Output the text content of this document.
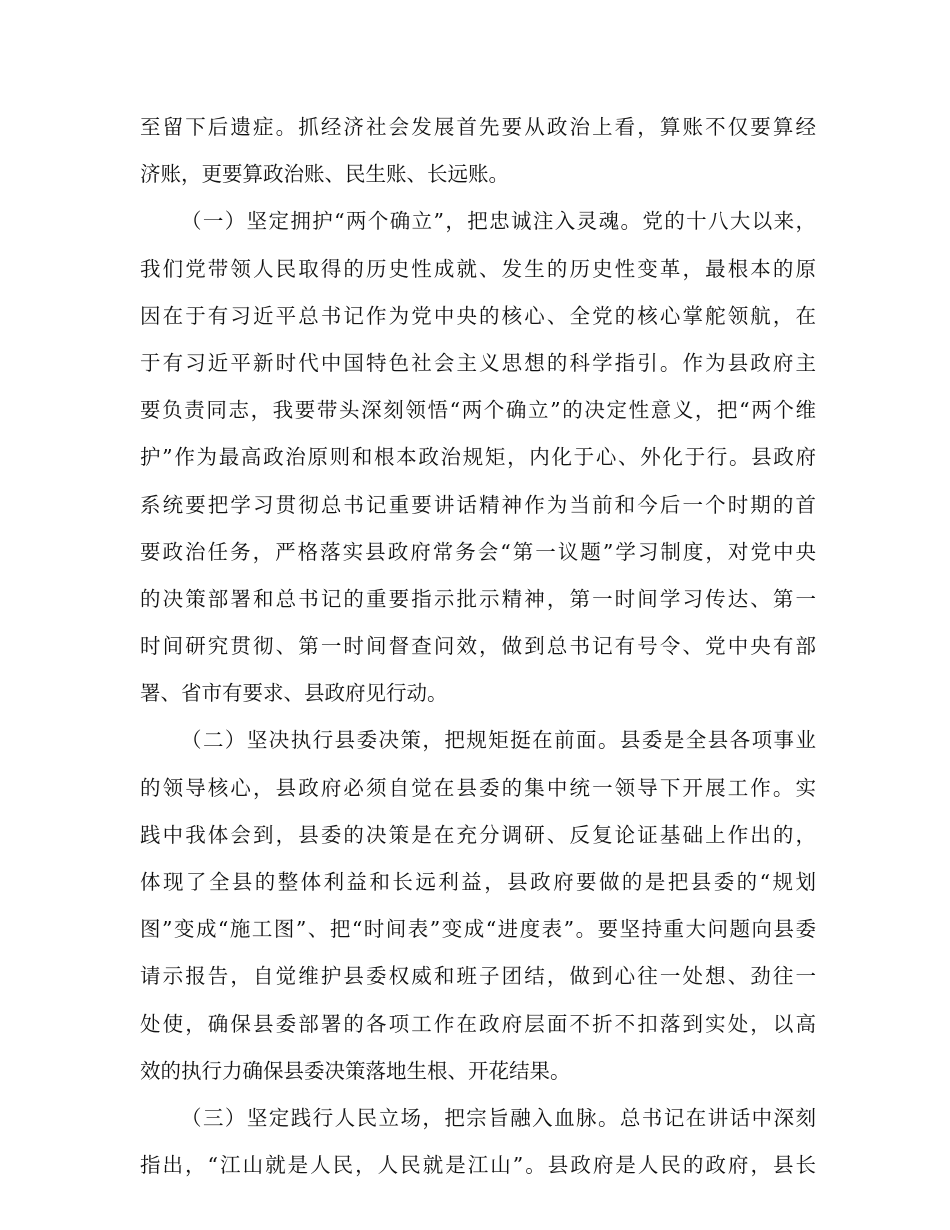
至留下后遗症。抓经济社会发展首先要从政治上看，算账不仅要算经
济账，更要算政治账、民生账、长远账。
（一）坚定拥护“两个确立”，把忠诚注入灵魂。党的十八大以来，
我们党带领人民取得的历史性成就、发生的历史性变革，最根本的原
因在于有习近平总书记作为党中央的核心、全党的核心掌舵领航，在
于有习近平新时代中国特色社会主义思想的科学指引。作为县政府主
要负责同志，我要带头深刻领悟“两个确立”的决定性意义，把“两个维
护”作为最高政治原则和根本政治规矩，内化于心、外化于行。县政府
系统要把学习贯彻总书记重要讲话精神作为当前和今后一个时期的首
要政治任务，严格落实县政府常务会“第一议题”学习制度，对党中央
的决策部署和总书记的重要指示批示精神，第一时间学习传达、第一
时间研究贯彻、第一时间督查问效，做到总书记有号令、党中央有部
署、省市有要求、县政府见行动。
（二）坚决执行县委决策，把规矩挺在前面。县委是全县各项事业
的领导核心，县政府必须自觉在县委的集中统一领导下开展工作。实
践中我体会到，县委的决策是在充分调研、反复论证基础上作出的，
体现了全县的整体利益和长远利益，县政府要做的是把县委的“规划
图”变成“施工图”、把“时间表”变成“进度表”。要坚持重大问题向县委
请示报告，自觉维护县委权威和班子团结，做到心往一处想、劲往一
处使，确保县委部署的各项工作在政府层面不折不扣落到实处，以高
效的执行力确保县委决策落地生根、开花结果。
（三）坚定践行人民立场，把宗旨融入血脉。总书记在讲话中深刻
指出，“江山就是人民，人民就是江山”。县政府是人民的政府，县长
